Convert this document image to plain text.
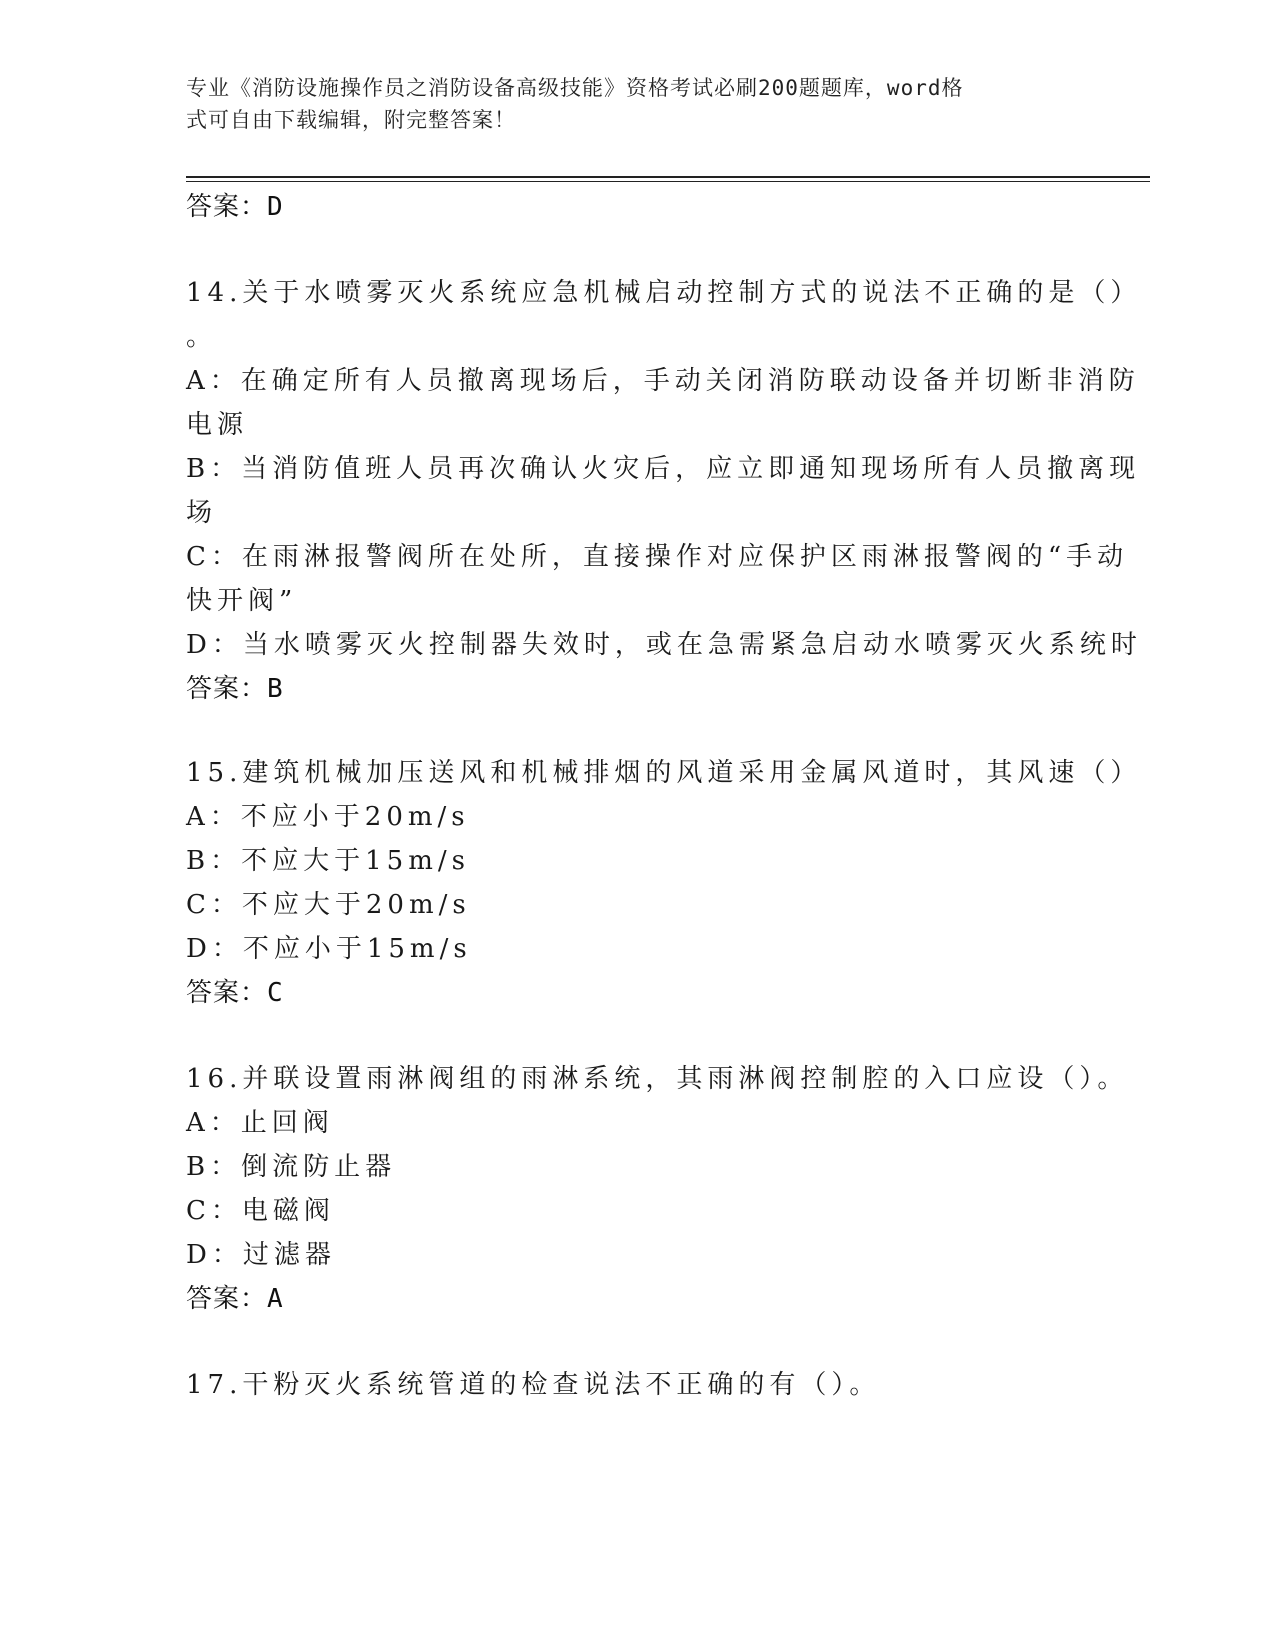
专业《消防设施操作员之消防设备高级技能》资格考试必刷200题题库，word格
式可自由下载编辑，附完整答案！
答案：D
14.关于水喷雾灭火系统应急机械启动控制方式的说法不正确的是（）
。
A：在确定所有人员撤离现场后，手动关闭消防联动设备并切断非消防
电源
B：当消防值班人员再次确认火灾后，应立即通知现场所有人员撤离现
场
C：在雨淋报警阀所在处所，直接操作对应保护区雨淋报警阀的“手动
快开阀”
D：当水喷雾灭火控制器失效时，或在急需紧急启动水喷雾灭火系统时
答案：B
15.建筑机械加压送风和机械排烟的风道采用金属风道时，其风速（）
A：不应小于20m/s
B：不应大于15m/s
C：不应大于20m/s
D：不应小于15m/s
答案：C
16.并联设置雨淋阀组的雨淋系统，其雨淋阀控制腔的入口应设（）。
A：止回阀
B：倒流防止器
C：电磁阀
D：过滤器
答案：A
17.干粉灭火系统管道的检查说法不正确的有（）。
